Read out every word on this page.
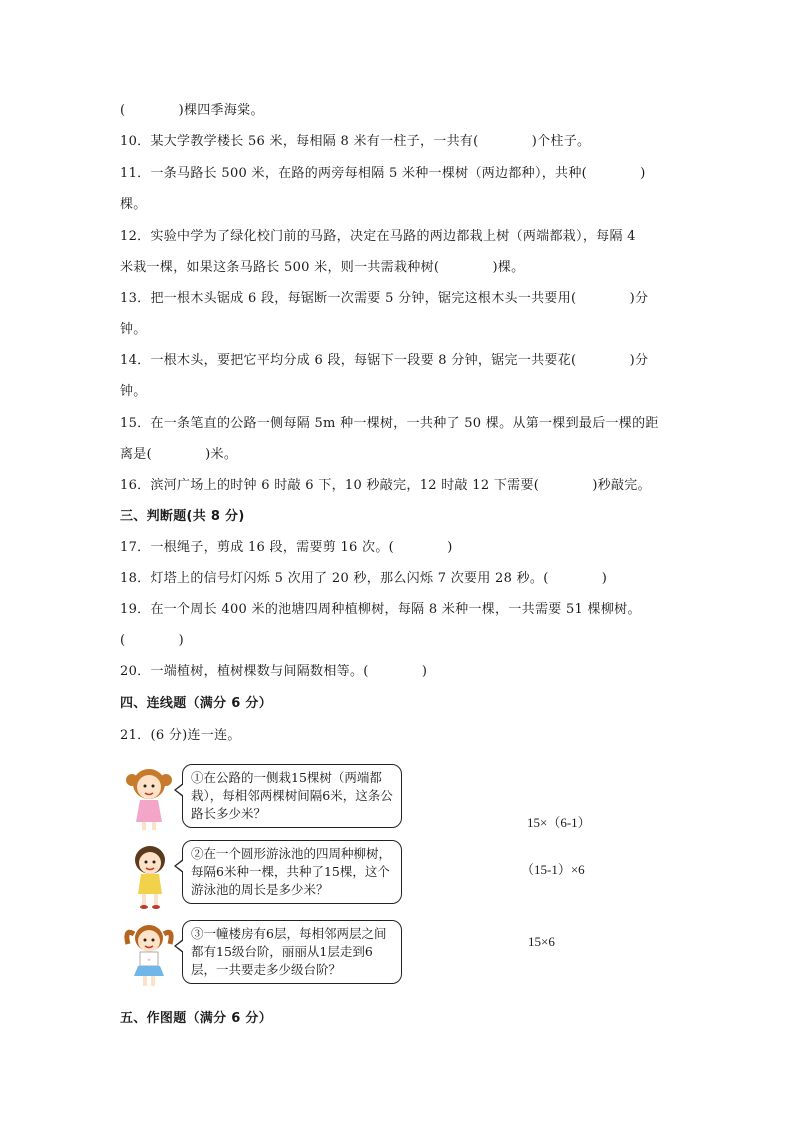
(　　　　)棵四季海棠。
10．某大学教学楼长 56 米，每相隔 8 米有一柱子，一共有(　　　　)个柱子。
11．一条马路长 500 米，在路的两旁每相隔 5 米种一棵树（两边都种），共种(　　　　)
棵。
12．实验中学为了绿化校门前的马路，决定在马路的两边都栽上树（两端都栽），每隔 4
米栽一棵，如果这条马路长 500 米，则一共需栽种树(　　　　)棵。
13．把一根木头锯成 6 段，每锯断一次需要 5 分钟，锯完这根木头一共要用(　　　　)分
钟。
14．一根木头，要把它平均分成 6 段，每锯下一段要 8 分钟，锯完一共要花(　　　　)分
钟。
15．在一条笔直的公路一侧每隔 5m 种一棵树，一共种了 50 棵。从第一棵到最后一棵的距
离是(　　　　)米。
16．滨河广场上的时钟 6 时敲 6 下，10 秒敲完，12 时敲 12 下需要(　　　　)秒敲完。
三、判断题(共 8 分)
17．一根绳子，剪成 16 段，需要剪 16 次。(　　　　)
18．灯塔上的信号灯闪烁 5 次用了 20 秒，那么闪烁 7 次要用 28 秒。(　　　　)
19．在一个周长 400 米的池塘四周种植柳树，每隔 8 米种一棵，一共需要 51 棵柳树。
(　　　　)
20．一端植树，植树棵数与间隔数相等。(　　　　)
四、连线题（满分 6 分）
21．(6 分)连一连。
①在公路的一侧栽15棵树（两端都栽），每相邻两棵树间隔6米，这条公路长多少米？
15×（6-1）
②在一个圆形游泳池的四周种柳树，每隔6米种一棵，共种了15棵，这个游泳池的周长是多少米？
（15-1）×6
③一幢楼房有6层，每相邻两层之间都有15级台阶，丽丽从1层走到6层，一共要走多少级台阶？
15×6
五、作图题（满分 6 分）
